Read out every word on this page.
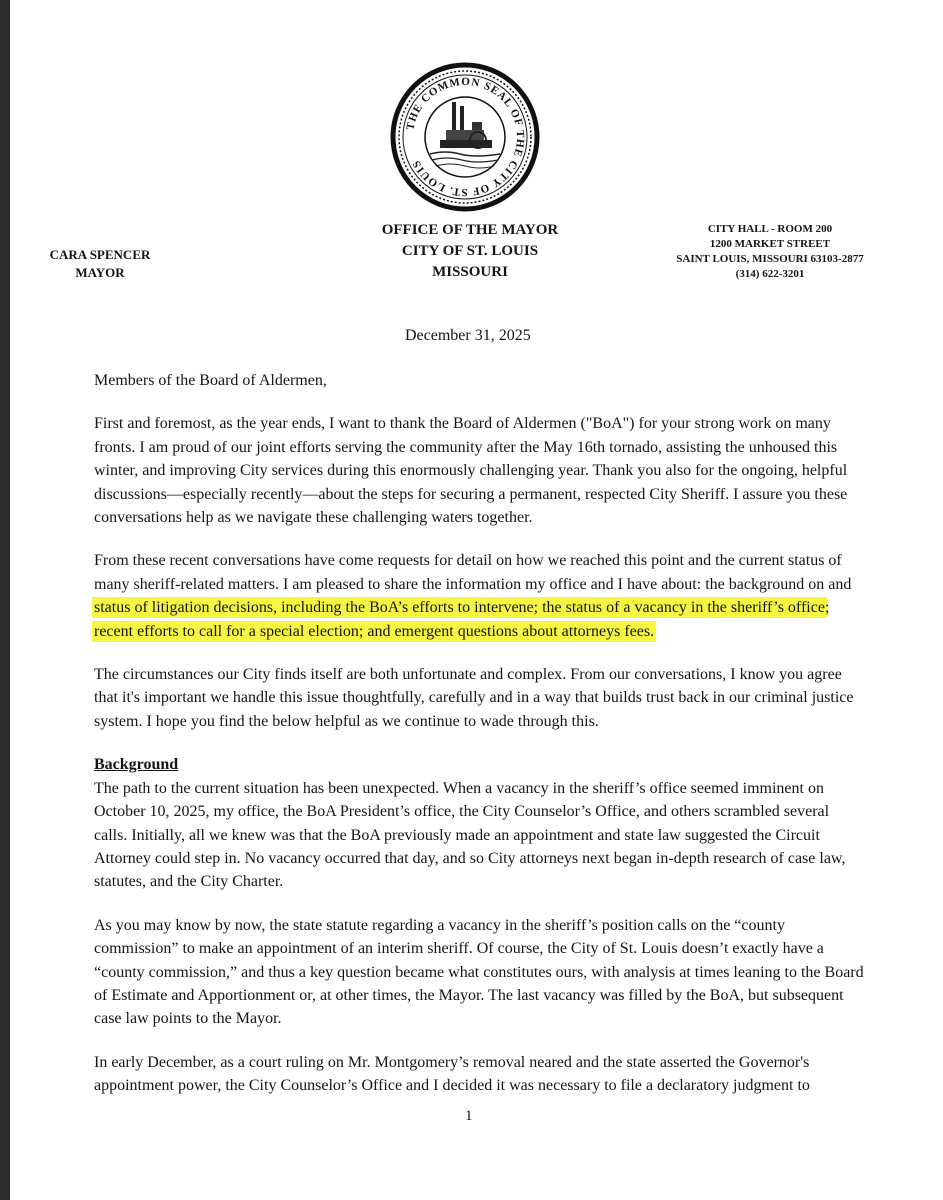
THE COMMON SEAL OF THE CITY OF ST. LOUIS
OFFICE OF THE MAYOR
CITY OF ST. LOUIS
MISSOURI
CARA SPENCER
MAYOR
CITY HALL - ROOM 200
1200 MARKET STREET
SAINT LOUIS, MISSOURI 63103-2877
(314) 622-3201
December 31, 2025

Members of the Board of Aldermen,

First and foremost, as the year ends, I want to thank the Board of Aldermen ("BoA") for your strong work on many fronts. I am proud of our joint efforts serving the community after the May 16th tornado, assisting the unhoused this winter, and improving City services during this enormously challenging year. Thank you also for the ongoing, helpful discussions—especially recently—about the steps for securing a permanent, respected City Sheriff. I assure you these conversations help as we navigate these challenging waters together.

From these recent conversations have come requests for detail on how we reached this point and the current status of many sheriff-related matters. I am pleased to share the information my office and I have about: the background on and status of litigation decisions, including the BoA’s efforts to intervene; the status of a vacancy in the sheriff’s office; recent efforts to call for a special election; and emergent questions about attorneys fees.

The circumstances our City finds itself are both unfortunate and complex. From our conversations, I know you agree that it's important we handle this issue thoughtfully, carefully and in a way that builds trust back in our criminal justice system. I hope you find the below helpful as we continue to wade through this.

Background
The path to the current situation has been unexpected. When a vacancy in the sheriff’s office seemed imminent on October 10, 2025, my office, the BoA President’s office, the City Counselor’s Office, and others scrambled several calls. Initially, all we knew was that the BoA previously made an appointment and state law suggested the Circuit Attorney could step in. No vacancy occurred that day, and so City attorneys next began in-depth research of case law, statutes, and the City Charter.

As you may know by now, the state statute regarding a vacancy in the sheriff’s position calls on the “county commission” to make an appointment of an interim sheriff. Of course, the City of St. Louis doesn’t exactly have a “county commission,” and thus a key question became what constitutes ours, with analysis at times leaning to the Board of Estimate and Apportionment or, at other times, the Mayor. The last vacancy was filled by the BoA, but subsequent case law points to the Mayor.

In early December, as a court ruling on Mr. Montgomery’s removal neared and the state asserted the Governor's appointment power, the City Counselor’s Office and I decided it was necessary to file a declaratory judgment to

1
